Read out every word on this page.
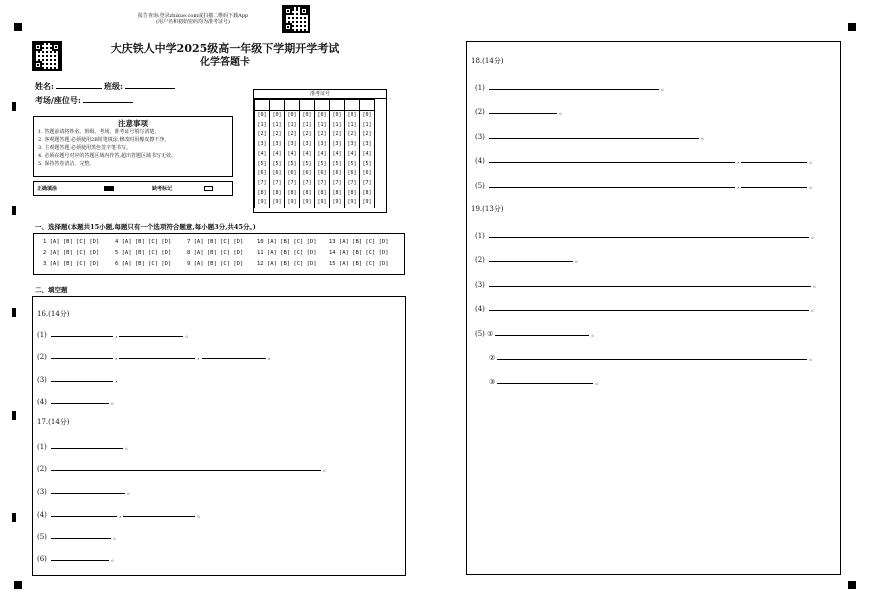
报告查询:登录zhixue.com或扫描二维码下载App
(用户名和初始密码均为准考证号)
大庆铁人中学2025级高一年级下学期开学考试
化学答题卡
姓名:	班级:
考场/座位号:
注意事项
1. 答题前请将姓名、班级、考场、准考证号填写清楚。
2. 客观题答题,必须使用2B铅笔填涂,修改时用橡皮擦干净。
3. 主观题答题,必须使用黑色签字笔书写。
4. 必须在题号对应的答题区域内作答,超出答题区域书写无效。
5. 保持答卷清洁、完整。
正确填涂	缺考标记
准考证号

[0]	[0]	[0]	[0]	[0]	[0]	[0]	[0]
[1]	[1]	[1]	[1]	[1]	[1]	[1]	[1]
[2]	[2]	[2]	[2]	[2]	[2]	[2]	[2]
[3]	[3]	[3]	[3]	[3]	[3]	[3]	[3]
[4]	[4]	[4]	[4]	[4]	[4]	[4]	[4]
[5]	[5]	[5]	[5]	[5]	[5]	[5]	[5]
[6]	[6]	[6]	[6]	[6]	[6]	[6]	[6]
[7]	[7]	[7]	[7]	[7]	[7]	[7]	[7]
[8]	[8]	[8]	[8]	[8]	[8]	[8]	[8]
[9]	[9]	[9]	[9]	[9]	[9]	[9]	[9]
一、选择题(本题共15小题,每题只有一个选项符合题意,每小题3分,共45分。)
1 [A] [B] [C] [D]
2 [A] [B] [C] [D]
3 [A] [B] [C] [D]
4 [A] [B] [C] [D]
5 [A] [B] [C] [D]
6 [A] [B] [C] [D]
7 [A] [B] [C] [D]
8 [A] [B] [C] [D]
9 [A] [B] [C] [D]
10 [A] [B] [C] [D]
11 [A] [B] [C] [D]
12 [A] [B] [C] [D]
13 [A] [B] [C] [D]
14 [A] [B] [C] [D]
15 [A] [B] [C] [D]
二、填空题
16.(14分)
(1)	,	。
(2)	,	,	。
(3)	,
(4)	。
17.(14分)
(1)	。
(2)	。
(3)	。
(4)	,	。
(5)	。
(6)	。
18.(14分)
(1)	。
(2)	。
(3)	。
(4)	,	。
(5)	,	。
19.(13分)
(1)	。
(2)	。
(3)	。
(4)	。
(5) ①	。
②	。
③	。
